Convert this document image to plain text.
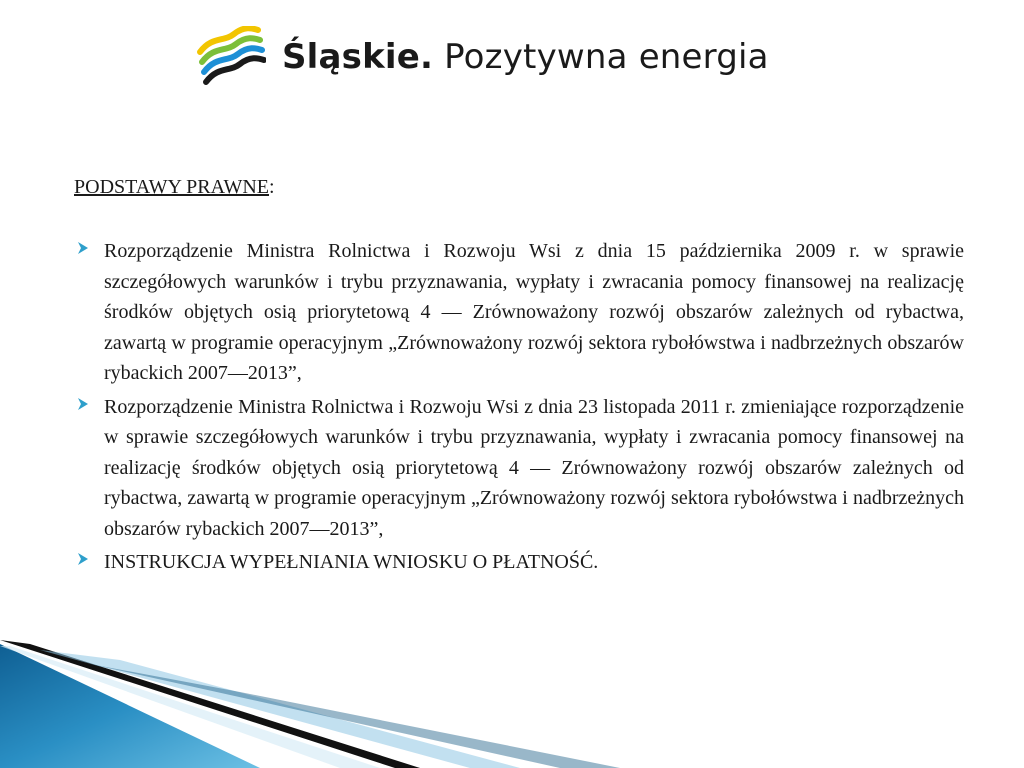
Śląskie. Pozytywna energia

PODSTAWY PRAWNE:

Rozporządzenie Ministra Rolnictwa i Rozwoju Wsi z dnia 15 października 2009 r. w sprawie szczegółowych warunków i trybu przyznawania, wypłaty i zwracania pomocy finansowej na realizację środków objętych osią priorytetową 4 — Zrównoważony rozwój obszarów zależnych od rybactwa, zawartą w programie operacyjnym „Zrównoważony rozwój sektora rybołówstwa i nadbrzeżnych obszarów rybackich 2007—2013”,
Rozporządzenie Ministra Rolnictwa i Rozwoju Wsi z dnia 23 listopada 2011 r. zmieniające rozporządzenie w sprawie szczegółowych warunków i trybu przyznawania, wypłaty i zwracania pomocy finansowej na realizację środków objętych osią priorytetową 4 — Zrównoważony rozwój obszarów zależnych od rybactwa, zawartą w programie operacyjnym „Zrównoważony rozwój sektora rybołówstwa i nadbrzeżnych obszarów rybackich 2007—2013”,
INSTRUKCJA WYPEŁNIANIA WNIOSKU O PŁATNOŚĆ.
